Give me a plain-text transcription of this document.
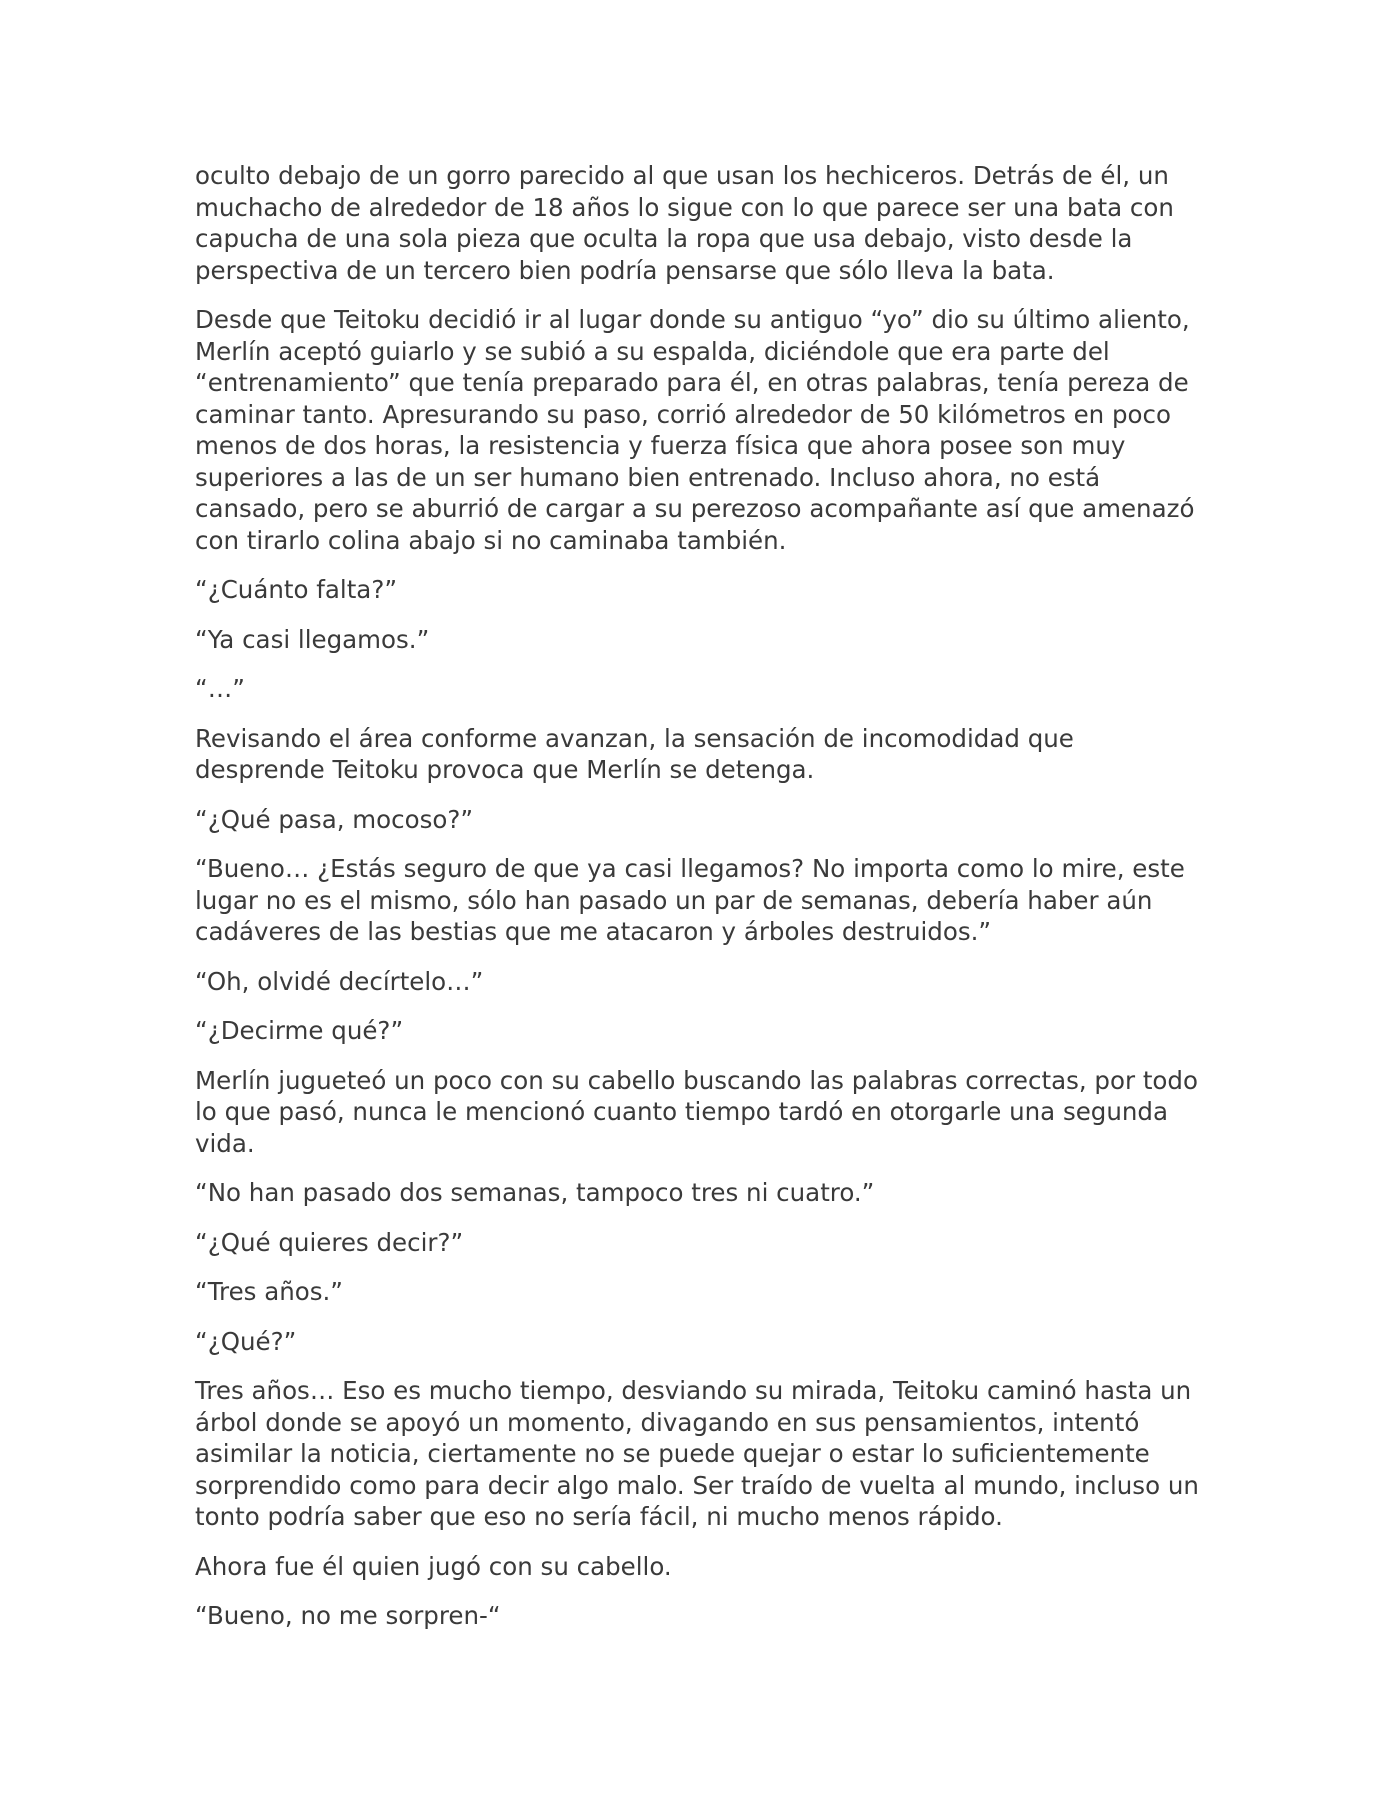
oculto debajo de un gorro parecido al que usan los hechiceros. Detrás de él, un muchacho de alrededor de 18 años lo sigue con lo que parece ser una bata con capucha de una sola pieza que oculta la ropa que usa debajo, visto desde la perspectiva de un tercero bien podría pensarse que sólo lleva la bata.

Desde que Teitoku decidió ir al lugar donde su antiguo “yo” dio su último aliento, Merlín aceptó guiarlo y se subió a su espalda, diciéndole que era parte del “entrenamiento” que tenía preparado para él, en otras palabras, tenía pereza de caminar tanto. Apresurando su paso, corrió alrededor de 50 kilómetros en poco menos de dos horas, la resistencia y fuerza física que ahora posee son muy superiores a las de un ser humano bien entrenado. Incluso ahora, no está cansado, pero se aburrió de cargar a su perezoso acompañante así que amenazó con tirarlo colina abajo si no caminaba también.

“¿Cuánto falta?”

“Ya casi llegamos.”

“…”

Revisando el área conforme avanzan, la sensación de incomodidad que desprende Teitoku provoca que Merlín se detenga.

“¿Qué pasa, mocoso?”

“Bueno… ¿Estás seguro de que ya casi llegamos? No importa como lo mire, este lugar no es el mismo, sólo han pasado un par de semanas, debería haber aún cadáveres de las bestias que me atacaron y árboles destruidos.”

“Oh, olvidé decírtelo…”

“¿Decirme qué?”

Merlín jugueteó un poco con su cabello buscando las palabras correctas, por todo lo que pasó, nunca le mencionó cuanto tiempo tardó en otorgarle una segunda vida.

“No han pasado dos semanas, tampoco tres ni cuatro.”

“¿Qué quieres decir?”

“Tres años.”

“¿Qué?”

Tres años… Eso es mucho tiempo, desviando su mirada, Teitoku caminó hasta un árbol donde se apoyó un momento, divagando en sus pensamientos, intentó asimilar la noticia, ciertamente no se puede quejar o estar lo suficientemente sorprendido como para decir algo malo. Ser traído de vuelta al mundo, incluso un tonto podría saber que eso no sería fácil, ni mucho menos rápido.

Ahora fue él quien jugó con su cabello.

“Bueno, no me sorpren-“
